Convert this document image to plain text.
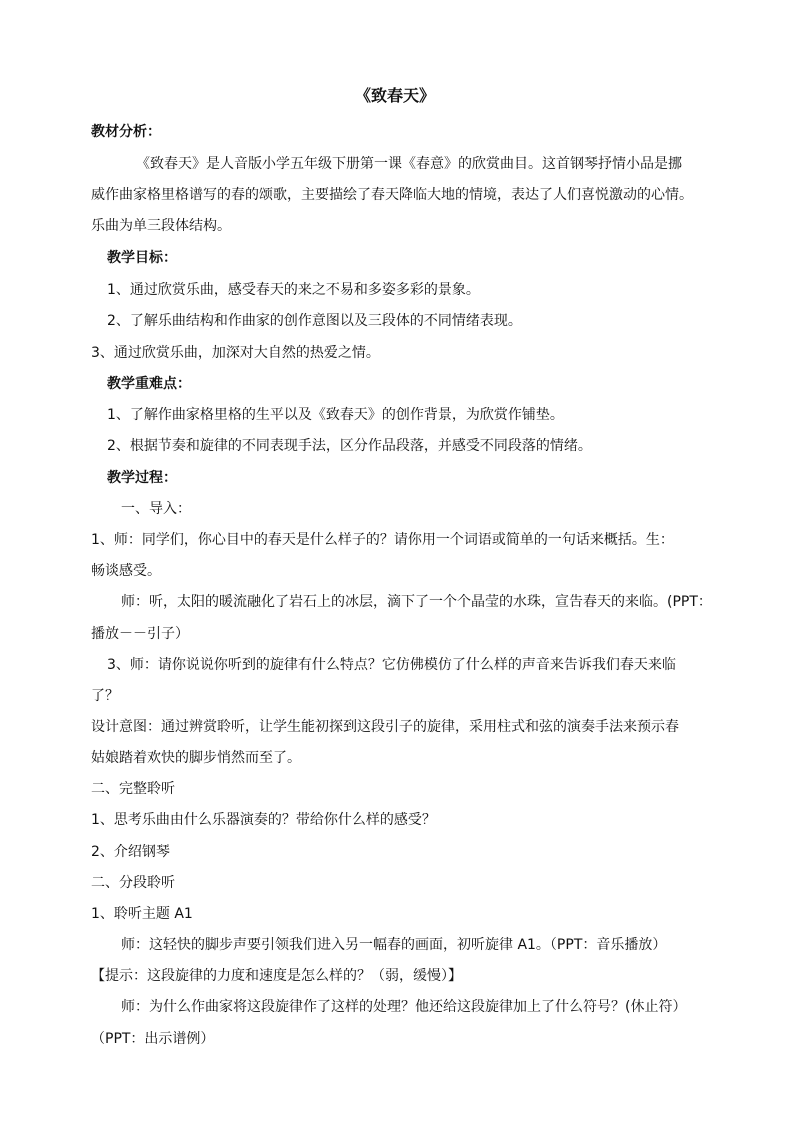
《致春天》
教材分析：
《致春天》是人音版小学五年级下册第一课《春意》的欣赏曲目。这首钢琴抒情小品是挪
威作曲家格里格谱写的春的颂歌，主要描绘了春天降临大地的情境，表达了人们喜悦激动的心情。
乐曲为单三段体结构。
教学目标：
1、通过欣赏乐曲，感受春天的来之不易和多姿多彩的景象。
2、了解乐曲结构和作曲家的创作意图以及三段体的不同情绪表现。
3、通过欣赏乐曲，加深对大自然的热爱之情。
教学重难点：
1、了解作曲家格里格的生平以及《致春天》的创作背景，为欣赏作铺垫。
2、根据节奏和旋律的不同表现手法，区分作品段落，并感受不同段落的情绪。
教学过程：
一、导入：
1、师：同学们，你心目中的春天是什么样子的？请你用一个词语或简单的一句话来概括。生：
畅谈感受。
师：听，太阳的暖流融化了岩石上的冰层，滴下了一个个晶莹的水珠，宣告春天的来临。(PPT：
播放－－引子）
3、师：请你说说你听到的旋律有什么特点？它仿佛模仿了什么样的声音来告诉我们春天来临
了？
设计意图：通过辨赏聆听，让学生能初探到这段引子的旋律，采用柱式和弦的演奏手法来预示春
姑娘踏着欢快的脚步悄然而至了。
二、完整聆听
1、思考乐曲由什么乐器演奏的？带给你什么样的感受？
2、介绍钢琴
二、分段聆听
1、聆听主题 A1
师：这轻快的脚步声要引领我们进入另一幅春的画面，初听旋律 A1。（PPT：音乐播放）
【提示：这段旋律的力度和速度是怎么样的？（弱，缓慢）】
师：为什么作曲家将这段旋律作了这样的处理？他还给这段旋律加上了什么符号？(休止符）
（PPT：出示谱例）
